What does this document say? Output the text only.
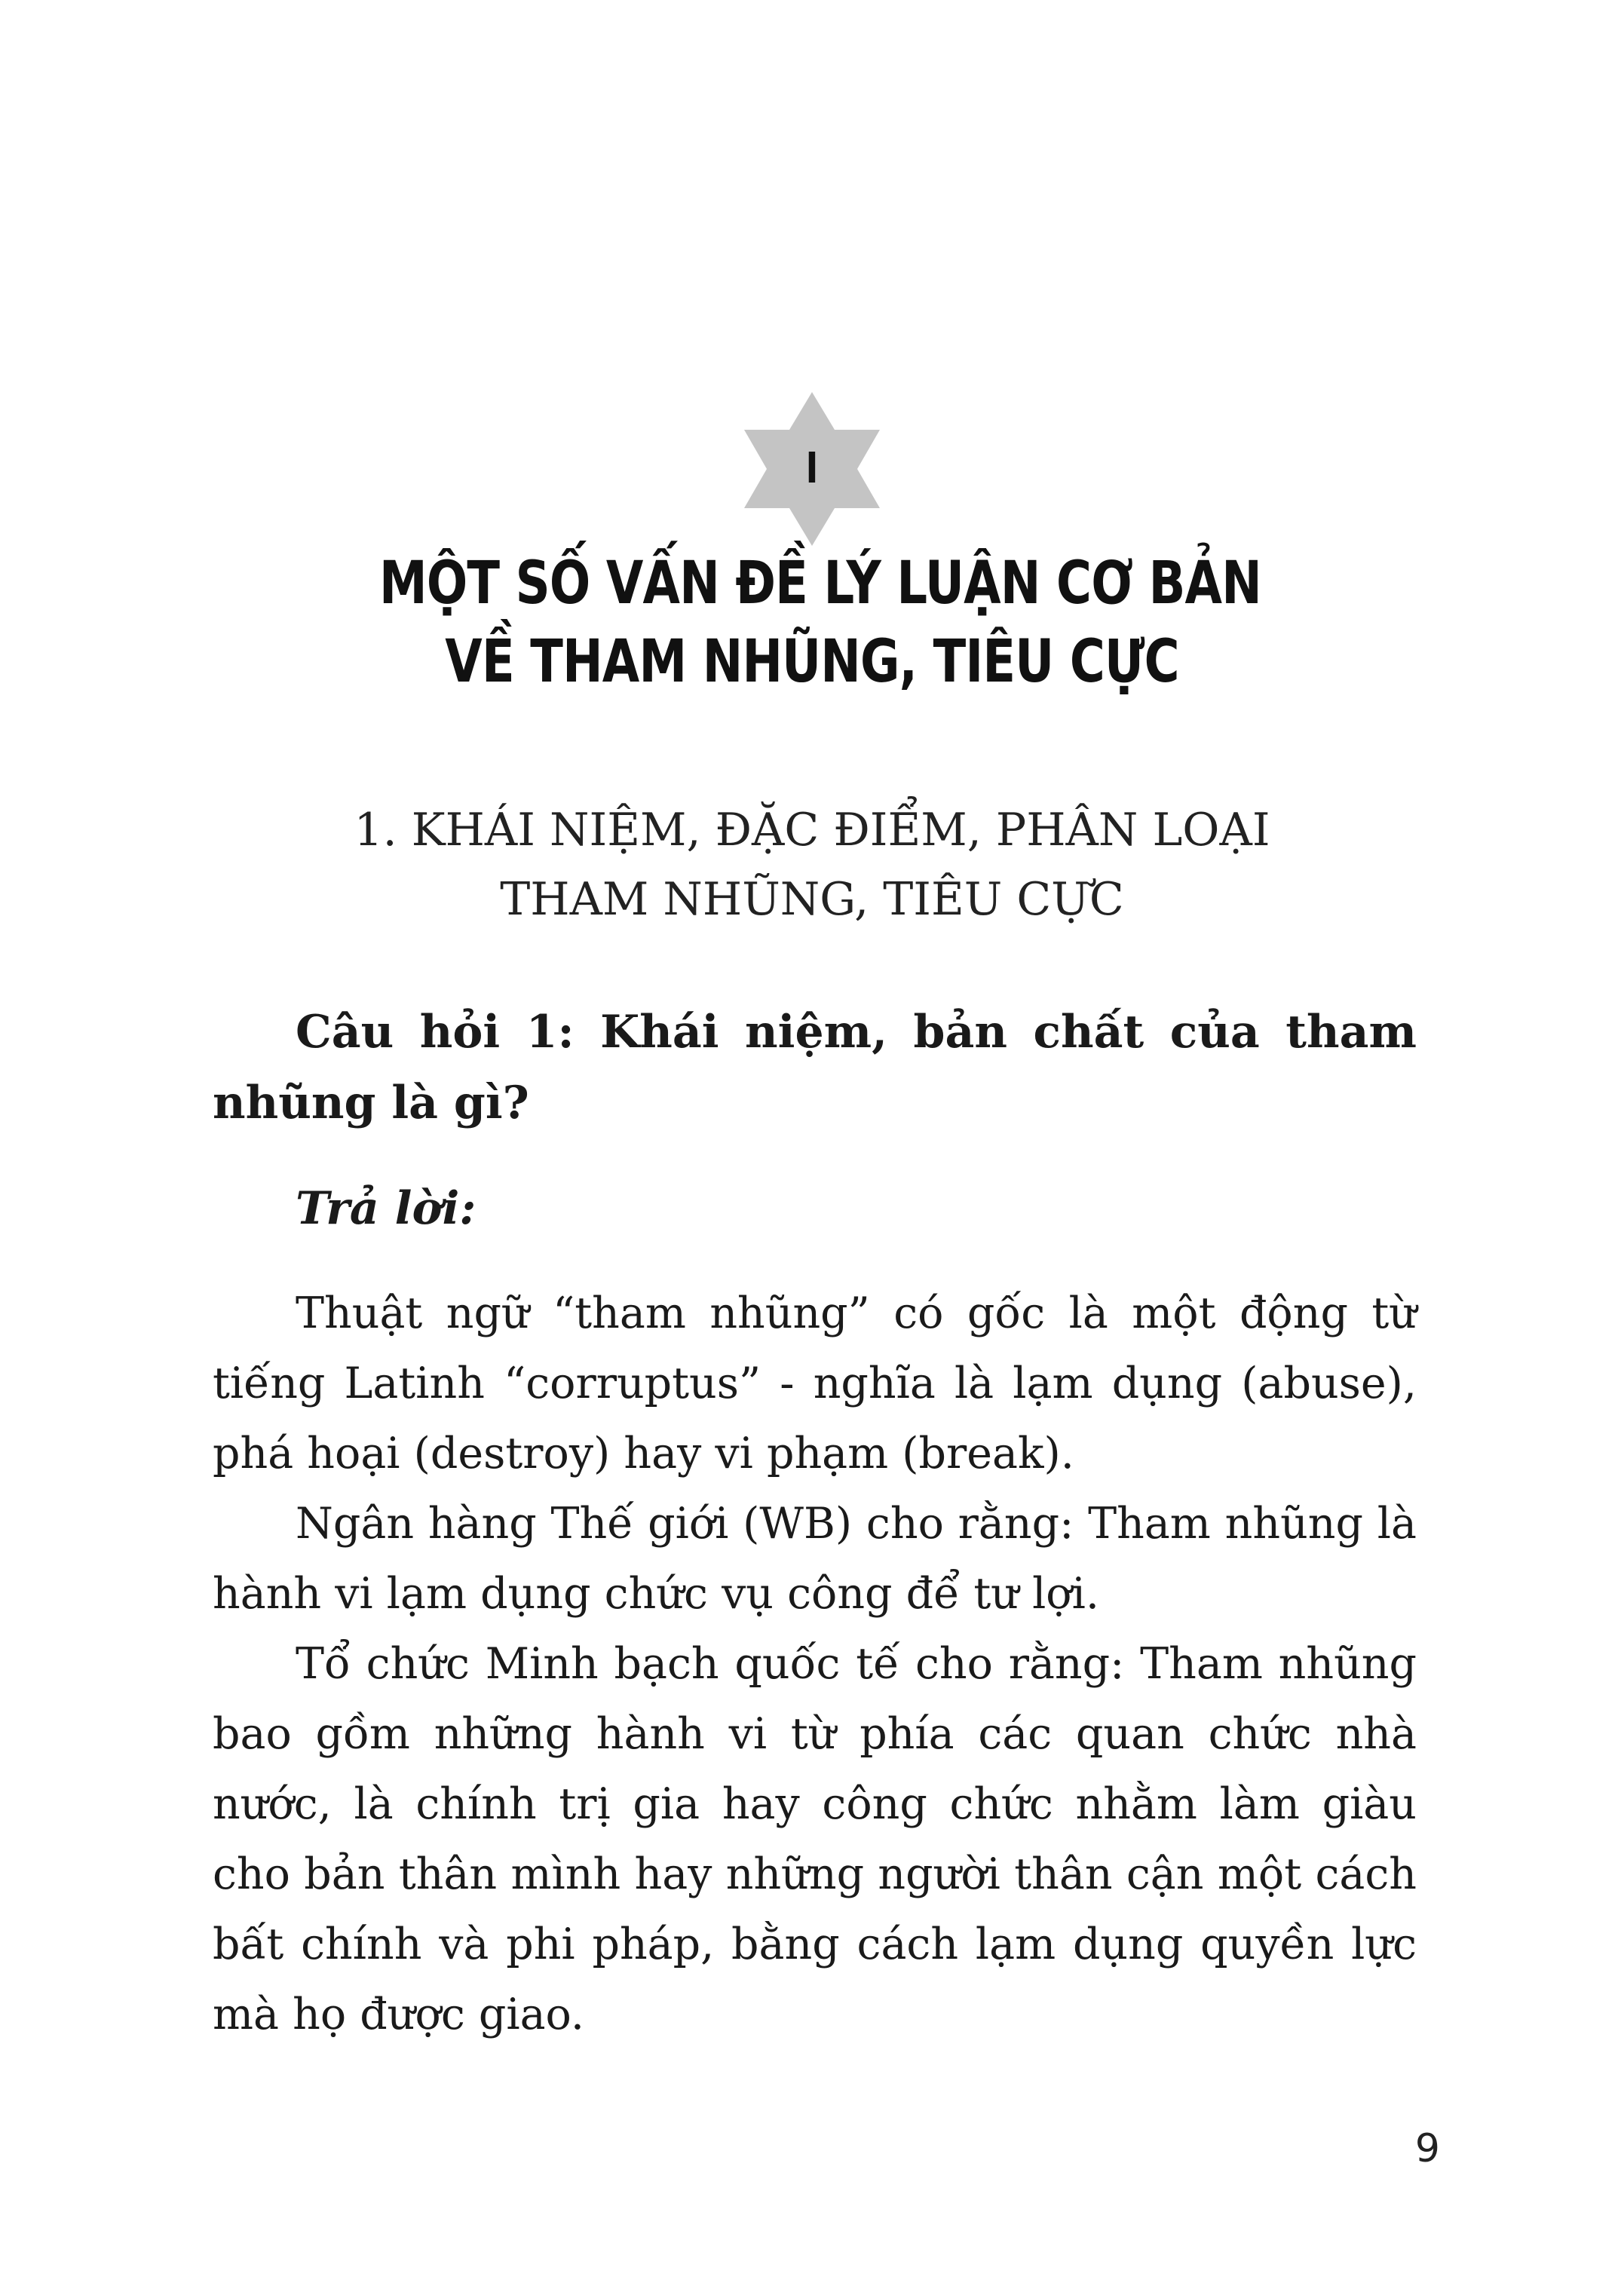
I
MỘT SỐ VẤN ĐỀ LÝ LUẬN CƠ BẢN
VỀ THAM NHŨNG, TIÊU CỰC
1. KHÁI NIỆM, ĐẶC ĐIỂM, PHÂN LOẠI
THAM NHŨNG, TIÊU CỰC
Câu hỏi 1: Khái niệm, bản chất của tham nhũng là gì?
Trả lời:

Thuật ngữ “tham nhũng” có gốc là một động từ tiếng Latinh “corruptus” - nghĩa là lạm dụng (abuse), phá hoại (destroy) hay vi phạm (break).

Ngân hàng Thế giới (WB) cho rằng: Tham nhũng là hành vi lạm dụng chức vụ công để tư lợi.

Tổ chức Minh bạch quốc tế cho rằng: Tham nhũng bao gồm những hành vi từ phía các quan chức nhà nước, là chính trị gia hay công chức nhằm làm giàu cho bản thân mình hay những người thân cận một cách bất chính và phi pháp, bằng cách lạm dụng quyền lực mà họ được giao.

9
